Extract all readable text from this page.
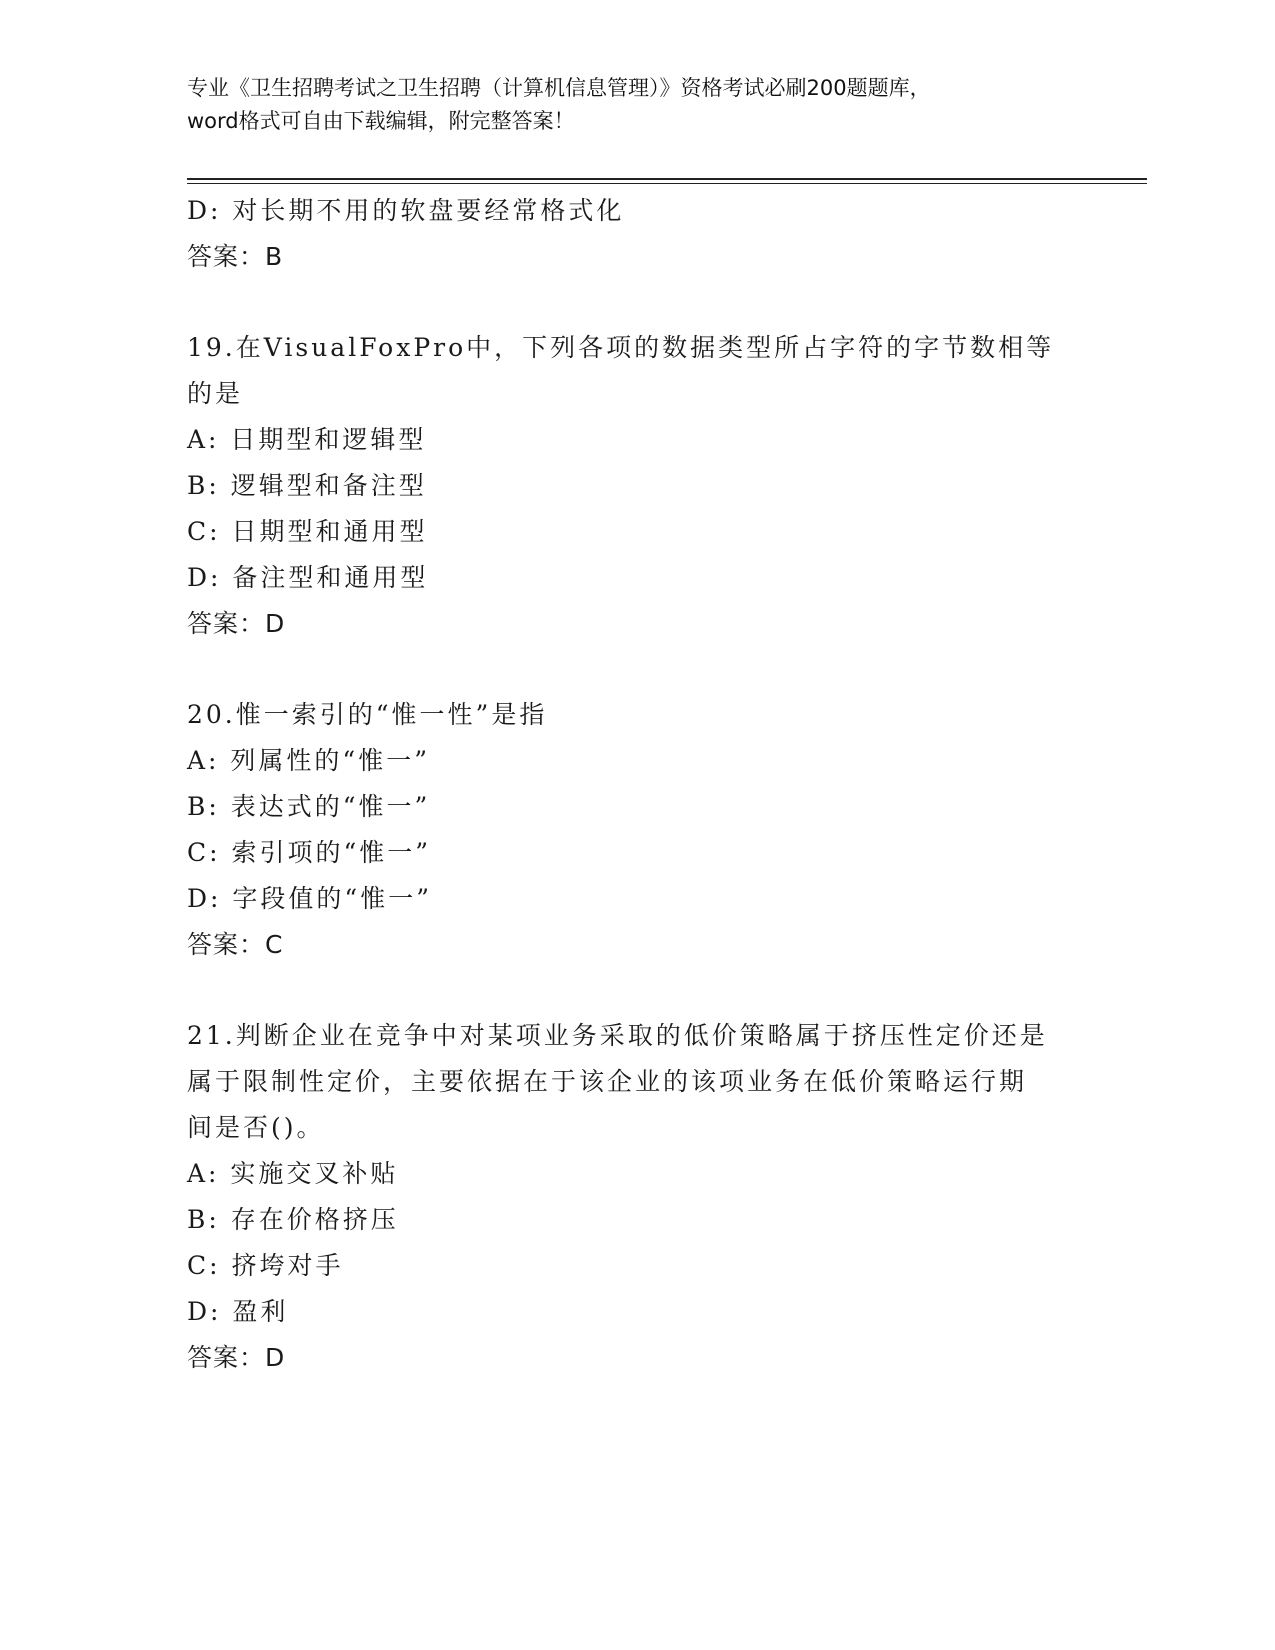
专业《卫生招聘考试之卫生招聘（计算机信息管理）》资格考试必刷200题题库，
word格式可自由下载编辑，附完整答案！
D: 对长期不用的软盘要经常格式化
答案：B
19.在VisualFoxPro中，下列各项的数据类型所占字符的字节数相等
的是
A: 日期型和逻辑型
B: 逻辑型和备注型
C: 日期型和通用型
D: 备注型和通用型
答案：D
20.惟一索引的“惟一性”是指
A: 列属性的“惟一”
B: 表达式的“惟一”
C: 索引项的“惟一”
D: 字段值的“惟一”
答案：C
21.判断企业在竞争中对某项业务采取的低价策略属于挤压性定价还是
属于限制性定价，主要依据在于该企业的该项业务在低价策略运行期
间是否()。
A: 实施交叉补贴
B: 存在价格挤压
C: 挤垮对手
D: 盈利
答案：D
